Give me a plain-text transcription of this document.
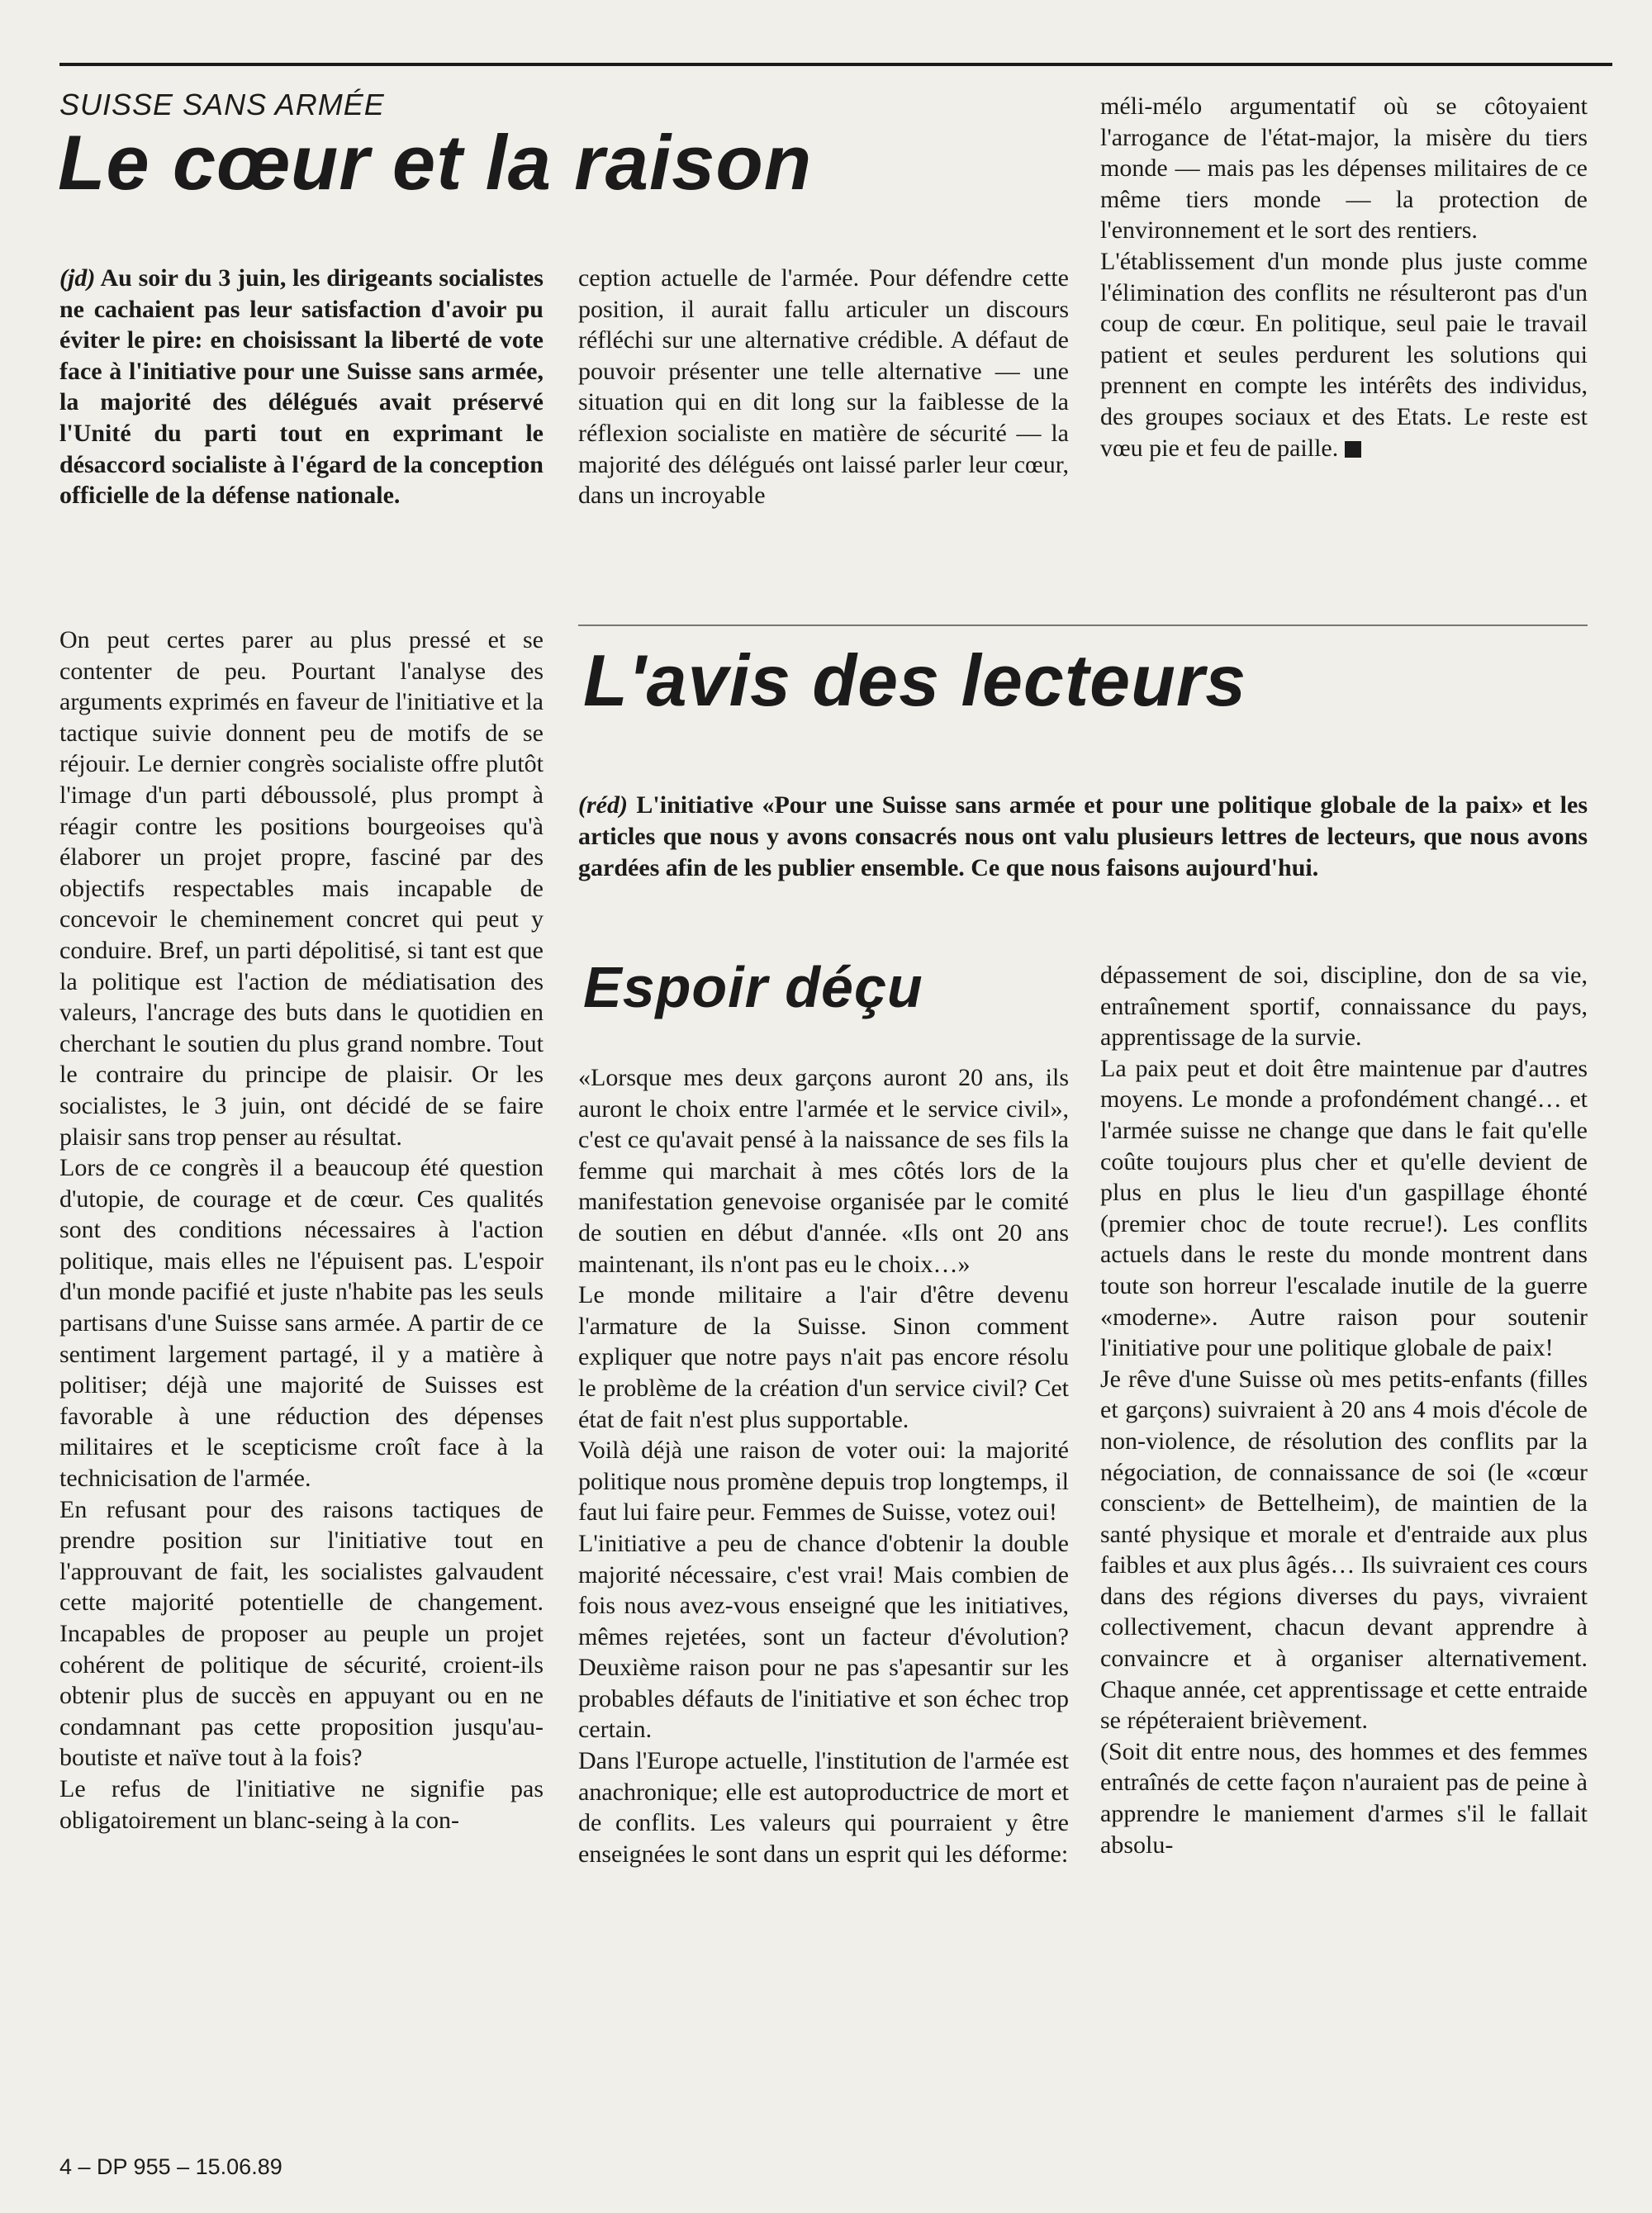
SUISSE SANS ARMÉE
Le cœur et la raison

(jd) Au soir du 3 juin, les dirigeants socialistes ne cachaient pas leur satisfaction d'avoir pu éviter le pire: en choisissant la liberté de vote face à l'initiative pour une Suisse sans armée, la majorité des délégués avait préservé l'Unité du parti tout en exprimant le désaccord socialiste à l'égard de la conception officielle de la défense nationale.

On peut certes parer au plus pressé et se contenter de peu. Pourtant l'analyse des arguments exprimés en faveur de l'initiative et la tactique suivie donnent peu de motifs de se réjouir. Le dernier congrès socialiste offre plutôt l'image d'un parti déboussolé, plus prompt à réagir contre les positions bourgeoises qu'à élaborer un projet propre, fasciné par des objectifs respectables mais incapable de concevoir le cheminement concret qui peut y conduire. Bref, un parti dépolitisé, si tant est que la politique est l'action de médiatisation des valeurs, l'ancrage des buts dans le quotidien en cherchant le soutien du plus grand nombre. Tout le contraire du principe de plaisir. Or les socialistes, le 3 juin, ont décidé de se faire plaisir sans trop penser au résultat.

Lors de ce congrès il a beaucoup été question d'utopie, de courage et de cœur. Ces qualités sont des conditions nécessaires à l'action politique, mais elles ne l'épuisent pas. L'espoir d'un monde pacifié et juste n'habite pas les seuls partisans d'une Suisse sans armée. A partir de ce sentiment largement partagé, il y a matière à politiser; déjà une majorité de Suisses est favorable à une réduction des dépenses militaires et le scepticisme croît face à la technicisation de l'armée.

En refusant pour des raisons tactiques de prendre position sur l'initiative tout en l'approuvant de fait, les socialistes galvaudent cette majorité potentielle de changement. Incapables de proposer au peuple un projet cohérent de politique de sécurité, croient-ils obtenir plus de succès en appuyant ou en ne condamnant pas cette proposition jusqu'au-boutiste et naïve tout à la fois?

Le refus de l'initiative ne signifie pas obligatoirement un blanc-seing à la con-

ception actuelle de l'armée. Pour défendre cette position, il aurait fallu articuler un discours réfléchi sur une alternative crédible. A défaut de pouvoir présenter une telle alternative — une situation qui en dit long sur la faiblesse de la réflexion socialiste en matière de sécurité — la majorité des délégués ont laissé parler leur cœur, dans un incroyable

méli-mélo argumentatif où se côtoyaient l'arrogance de l'état-major, la misère du tiers monde — mais pas les dépenses militaires de ce même tiers monde — la protection de l'environnement et le sort des rentiers.

L'établissement d'un monde plus juste comme l'élimination des conflits ne résulteront pas d'un coup de cœur. En politique, seul paie le travail patient et seules perdurent les solutions qui prennent en compte les intérêts des individus, des groupes sociaux et des Etats. Le reste est vœu pie et feu de paille.

L'avis des lecteurs

(réd) L'initiative «Pour une Suisse sans armée et pour une politique globale de la paix» et les articles que nous y avons consacrés nous ont valu plusieurs lettres de lecteurs, que nous avons gardées afin de les publier ensemble. Ce que nous faisons aujourd'hui.

Espoir déçu

«Lorsque mes deux garçons auront 20 ans, ils auront le choix entre l'armée et le service civil», c'est ce qu'avait pensé à la naissance de ses fils la femme qui marchait à mes côtés lors de la manifestation genevoise organisée par le comité de soutien en début d'année. «Ils ont 20 ans maintenant, ils n'ont pas eu le choix…»

Le monde militaire a l'air d'être devenu l'armature de la Suisse. Sinon comment expliquer que notre pays n'ait pas encore résolu le problème de la création d'un service civil? Cet état de fait n'est plus supportable.

Voilà déjà une raison de voter oui: la majorité politique nous promène depuis trop longtemps, il faut lui faire peur. Femmes de Suisse, votez oui!

L'initiative a peu de chance d'obtenir la double majorité nécessaire, c'est vrai! Mais combien de fois nous avez-vous enseigné que les initiatives, mêmes rejetées, sont un facteur d'évolution? Deuxième raison pour ne pas s'apesantir sur les probables défauts de l'initiative et son échec trop certain.

Dans l'Europe actuelle, l'institution de l'armée est anachronique; elle est autoproductrice de mort et de conflits. Les valeurs qui pourraient y être enseignées le sont dans un esprit qui les déforme:

dépassement de soi, discipline, don de sa vie, entraînement sportif, connaissance du pays, apprentissage de la survie.

La paix peut et doit être maintenue par d'autres moyens. Le monde a profondément changé… et l'armée suisse ne change que dans le fait qu'elle coûte toujours plus cher et qu'elle devient de plus en plus le lieu d'un gaspillage éhonté (premier choc de toute recrue!). Les conflits actuels dans le reste du monde montrent dans toute son horreur l'escalade inutile de la guerre «moderne». Autre raison pour soutenir l'initiative pour une politique globale de paix!

Je rêve d'une Suisse où mes petits-enfants (filles et garçons) suivraient à 20 ans 4 mois d'école de non-violence, de résolution des conflits par la négociation, de connaissance de soi (le «cœur conscient» de Bettelheim), de maintien de la santé physique et morale et d'entraide aux plus faibles et aux plus âgés… Ils suivraient ces cours dans des régions diverses du pays, vivraient collectivement, chacun devant apprendre à convaincre et à organiser alternativement. Chaque année, cet apprentissage et cette entraide se répéteraient brièvement.

(Soit dit entre nous, des hommes et des femmes entraînés de cette façon n'auraient pas de peine à apprendre le maniement d'armes s'il le fallait absolu-

4 – DP 955 – 15.06.89
